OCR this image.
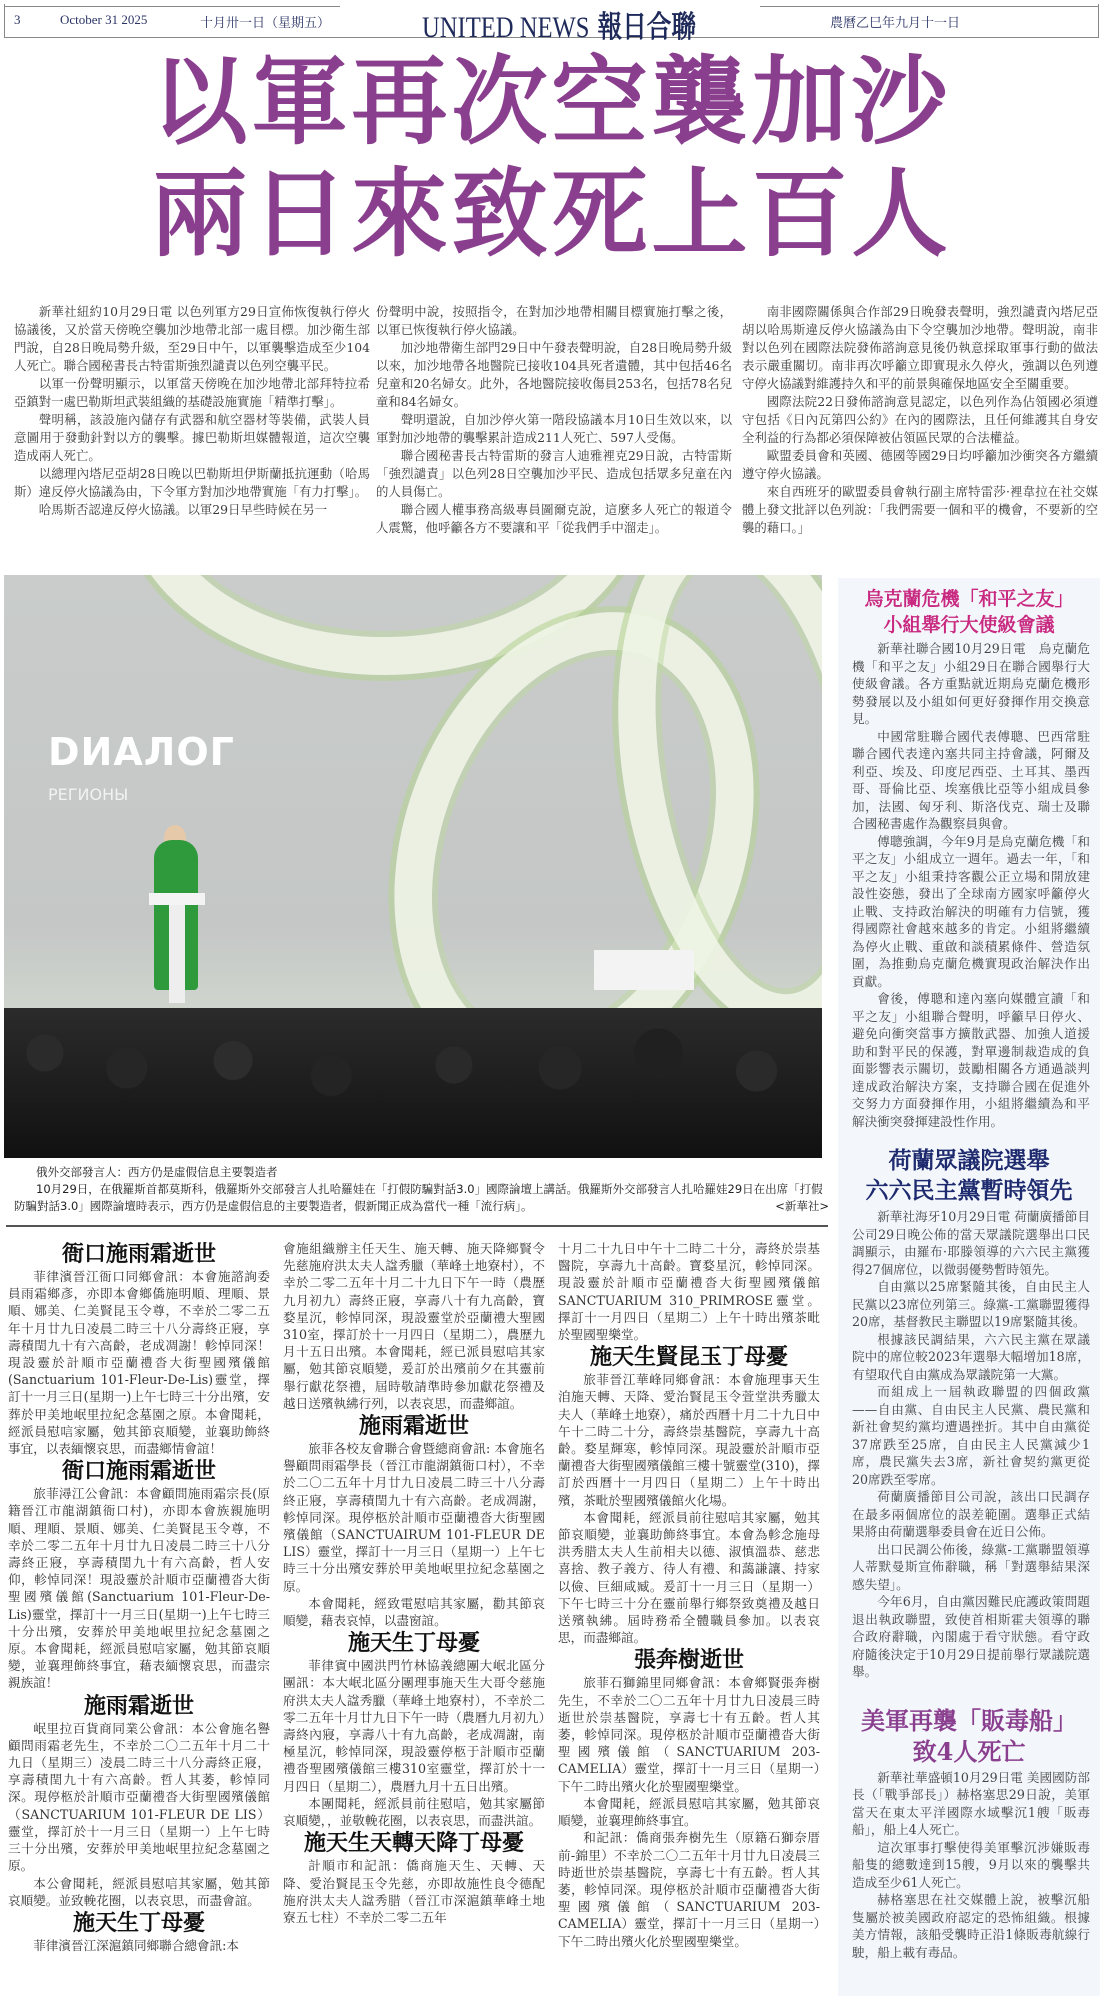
3	October 31 2025	十月卅一日（星期五）	UNITED NEWS 報日合聯	農曆乙巳年九月十一日
以軍再次空襲加沙
兩日來致死上百人

新華社紐約10月29日電 以色列軍方29日宣佈恢復執行停火協議後，又於當天傍晚空襲加沙地帶北部一處目標。加沙衛生部門說，自28日晚局勢升級，至29日中午，以軍襲擊造成至少104人死亡。聯合國秘書長古特雷斯強烈譴責以色列空襲平民。

以軍一份聲明顯示，以軍當天傍晚在加沙地帶北部拜特拉希亞鎮對一處巴勒斯坦武裝組織的基礎設施實施「精準打擊」。

聲明稱，該設施內儲存有武器和航空器材等裝備，武裝人員意圖用于發動針對以方的襲擊。據巴勒斯坦媒體報道，這次空襲造成兩人死亡。

以總理內塔尼亞胡28日晚以巴勒斯坦伊斯蘭抵抗運動（哈馬斯）違反停火協議為由，下令軍方對加沙地帶實施「有力打擊」。

哈馬斯否認違反停火協議。以軍29日早些時候在另一

份聲明中說，按照指令，在對加沙地帶相關目標實施打擊之後，以軍已恢復執行停火協議。

加沙地帶衛生部門29日中午發表聲明說，自28日晚局勢升級以來，加沙地帶各地醫院已接收104具死者遺體，其中包括46名兒童和20名婦女。此外，各地醫院接收傷員253名，包括78名兒童和84名婦女。

聲明還說，自加沙停火第一階段協議本月10日生效以來，以軍對加沙地帶的襲擊累計造成211人死亡、597人受傷。

聯合國秘書長古特雷斯的發言人迪雅裡克29日說，古特雷斯「強烈譴責」以色列28日空襲加沙平民、造成包括眾多兒童在內的人員傷亡。

聯合國人權事務高級專員圖爾克說，這麼多人死亡的報道令人震驚，他呼籲各方不要讓和平「從我們手中溜走」。

南非國際關係與合作部29日晚發表聲明，強烈譴責內塔尼亞胡以哈馬斯違反停火協議為由下令空襲加沙地帶。聲明說，南非對以色列在國際法院發佈諮詢意見後仍執意採取軍事行動的做法表示嚴重關切。南非再次呼籲立即實現永久停火，強調以色列遵守停火協議對維護持久和平的前景與確保地區安全至關重要。

國際法院22日發佈諮詢意見認定，以色列作為佔領國必須遵守包括《日內瓦第四公約》在內的國際法，且任何維護其自身安全利益的行為都必須保障被佔領區民眾的合法權益。

歐盟委員會和英國、德國等國29日均呼籲加沙衝突各方繼續遵守停火協議。

來自西班牙的歐盟委員會執行副主席特雷莎·裡韋拉在社交媒體上發文批評以色列說：「我們需要一個和平的機會，不要新的空襲的藉口。」

DИAЛOГ
РЕГИОНЫ
俄外交部發言人：西方仍是虛假信息主要製造者
10月29日，在俄羅斯首都莫斯科，俄羅斯外交部發言人扎哈羅娃在「打假防騙對話3.0」國際論壇上講話。俄羅斯外交部發言人扎哈羅娃29日在出席「打假防騙對話3.0」國際論壇時表示，西方仍是虛假信息的主要製造者，假新聞正成為當代一種「流行病」。	<新華社>
烏克蘭危機「和平之友」
小組舉行大使級會議

新華社聯合國10月29日電　烏克蘭危機「和平之友」小組29日在聯合國舉行大使級會議。各方重點就近期烏克蘭危機形勢發展以及小組如何更好發揮作用交換意見。

中國常駐聯合國代表傅聰、巴西常駐聯合國代表達內塞共同主持會議，阿爾及利亞、埃及、印度尼西亞、土耳其、墨西哥、哥倫比亞、埃塞俄比亞等小組成員參加，法國、匈牙利、斯洛伐克、瑞士及聯合國秘書處作為觀察員與會。

傅聰強調，今年9月是烏克蘭危機「和平之友」小組成立一週年。過去一年，「和平之友」小組秉持客觀公正立場和開放建設性姿態，發出了全球南方國家呼籲停火止戰、支持政治解決的明確有力信號，獲得國際社會越來越多的肯定。小組將繼續為停火止戰、重啟和談積累條件、營造氛圍，為推動烏克蘭危機實現政治解決作出貢獻。

會後，傅聰和達內塞向媒體宣讀「和平之友」小組聯合聲明，呼籲早日停火、避免向衝突當事方擴散武器、加強人道援助和對平民的保護，對單邊制裁造成的負面影響表示關切，鼓勵相關各方通過談判達成政治解決方案，支持聯合國在促進外交努力方面發揮作用，小組將繼續為和平解決衝突發揮建設性作用。

荷蘭眾議院選舉
六六民主黨暫時領先

新華社海牙10月29日電 荷蘭廣播節目公司29日晚公佈的當天眾議院選舉出口民調顯示，由羅布·耶滕領導的六六民主黨獲得27個席位，以微弱優勢暫時領先。

自由黨以25席緊隨其後，自由民主人民黨以23席位列第三。綠黨-工黨聯盟獲得20席，基督教民主聯盟以19席緊隨其後。

根據該民調結果，六六民主黨在眾議院中的席位較2023年選舉大幅增加18席，有望取代自由黨成為眾議院第一大黨。

而組成上一屆執政聯盟的四個政黨——自由黨、自由民主人民黨、農民黨和新社會契約黨均遭遇挫折。其中自由黨從37席跌至25席，自由民主人民黨減少1席，農民黨失去3席，新社會契約黨更從20席跌至零席。

荷蘭廣播節目公司說，該出口民調存在最多兩個席位的誤差範圍。選舉正式結果將由荷蘭選舉委員會在近日公佈。

出口民調公佈後，綠黨-工黨聯盟領導人蒂默曼斯宣佈辭職，稱「對選舉結果深感失望」。

今年6月，自由黨因難民庇護政策問題退出執政聯盟，致使首相斯霍夫領導的聯合政府辭職，內閣處于看守狀態。看守政府隨後決定于10月29日提前舉行眾議院選舉。

美軍再襲「販毒船」
致4人死亡

新華社華盛頓10月29日電 美國國防部長（「戰爭部長」）赫格塞思29日說，美軍當天在東太平洋國際水域擊沉1艘「販毒船」，船上4人死亡。

這次軍事打擊使得美軍擊沉涉嫌販毒船隻的總數達到15艘，9月以來的襲擊共造成至少61人死亡。

赫格塞思在社交媒體上說，被擊沉船隻屬於被美國政府認定的恐怖組織。根據美方情報，該船受襲時正沿1條販毒航線行駛，船上載有毒品。

衙口施雨霜逝世

菲律濱晉江衙口同鄉會訊：本會施諮詢委員雨霜鄉彥，亦即本會鄉僑施明順、理順、景順、娜美、仁美賢昆玉令尊，不幸於二零二五年十月廿九日凌晨二時三十八分壽終正寢，享壽積閏九十有六高齡，老成凋謝！軫悼同深！現設靈於計順市亞蘭禮沓大街聖國殯儀館(Sanctuarium 101-Fleur-De-Lis)靈堂，擇訂十一月三日(星期一)上午七時三十分出殯，安葬於甲美地岷里拉紀念墓園之原。本會聞耗，經派員慰唁家屬，勉其節哀順變，並襄助飾終事宜，以表緬懷哀思，而盡鄉情會誼！

衙口施雨霜逝世

旅菲潯江公會訊：本會顧問施雨霜宗長(原籍晉江市龍湖鎮衙口村)，亦即本會族親施明順、理順、景順、娜美、仁美賢昆玉令尊，不幸於二零二五年十月廿九日凌晨二時三十八分壽終正寢，享壽積閏九十有六高齡，哲人安仰，軫悼同深！現設靈於計順市亞蘭禮沓大街聖國殯儀館(Sanctuarium 101-Fleur-De-Lis)靈堂，擇訂十一月三日(星期一)上午七時三十分出殯，安葬於甲美地岷里拉紀念墓園之原。本會聞耗，經派員慰唁家屬，勉其節哀順變，並襄理飾終事宜，藉表緬懷哀思，而盡宗親族誼！

施雨霜逝世

岷里拉百貨商同業公會訊：本公會施名譽顧問雨霜老先生，不幸於二〇二五年十月二十九日（星期三）凌晨二時三十八分壽終正寢，享壽積閏九十有六高齡。哲人其萎，軫悼同深。現停柩於計順市亞蘭禮沓大街聖國殯儀館（SANCTUARIUM 101-FLEUR DE LIS）靈堂，擇訂於十一月三日（星期一）上午七時三十分出殯，安葬於甲美地岷里拉紀念墓園之原。

本公會聞耗，經派員慰唁其家屬，勉其節哀順變。並致輓花圈，以表哀思，而盡會誼。

施天生丁母憂

菲律濱晉江深滬鎮同鄉聯合總會訊:本

會施組織辦主任天生、施天轉、施天降鄉賢令先慈施府洪太夫人諡秀臘（華峰土地寮村），不幸於二零二五年十月二十九日下午一時（農歷九月初九）壽終正寢，享壽八十有九高齡，寶婺星沉，軫悼同深，現設靈堂於亞蘭禮大聖國310室，擇訂於十一月四日（星期二），農歷九月十五日出殯。本會聞耗，經已派員慰唁其家屬，勉其節哀順變，爰訂於出殯前夕在其靈前舉行獻花祭禮，屆時敬請準時參加獻花祭禮及越日送殯執紼行列，以表哀思，而盡鄉誼。

施雨霜逝世

旅菲各校友會聯合會暨總商會訊: 本會施名譽顧問雨霜學長（晉江市龍湖鎮衙口村），不幸於二〇二五年十月廿九日凌晨二時三十八分壽終正寢，享壽積閏九十有六高齡。老成凋謝，軫悼同深。現停柩於計順市亞蘭禮沓大街聖國殯儀館（SANCTUAIRUM 101-FLEUR DE LIS）靈堂，擇訂十一月三日（星期一）上午七時三十分出殯安葬於甲美地岷里拉紀念墓園之原。

本會聞耗，經致電慰唁其家屬，勸其節哀順變，藉表哀悼，以盡窗誼。

施天生丁母憂

菲律賓中國洪門竹林協義總團大岷北區分團訊：本大岷北區分團理事施天生大哥令慈施府洪太夫人諡秀臘（華峰土地寮村），不幸於二零二五年十月廿九日下午一時（農曆九月初九）壽終內寢，享壽八十有九高齡，老成凋謝，南極星沉，軫悼同深，現設靈停柩于計順市亞蘭禮沓聖國殯儀館三樓310室靈堂，擇訂於十一月四日（星期二），農曆九月十五日出殯。

本團聞耗，經派員前往慰唁，勉其家屬節哀順變，，並敬輓花圈，以表哀思，而盡洪誼。

施天生天轉天降丁母憂

計順市和記訊：僑商施天生、天轉、天降、愛治賢昆玉令先慈，亦即故施性良令德配施府洪太夫人諡秀腊（晉江市深滬鎮華峰土地寮五七柱）不幸於二零二五年

十月二十九日中午十二時二十分，壽終於崇基醫院，享壽九十高齡。寶婺星沉，軫悼同深。現設靈於計順市亞蘭禮沓大街聖國殯儀館SANCTUARIUM 310_PRIMROSE靈堂。擇訂十一月四日（星期二）上午十時出殯茶毗於聖國聖樂堂。

施天生賢昆玉丁母憂

旅菲晉江華峰同鄉會訊：本會施理事天生洎施天轉、天降、愛治賢昆玉令萱堂洪秀臘太夫人（華峰土地寮），痛於西曆十月二十九日中午十二時二十分，壽終崇基醫院，享壽九十高齡。婺星輝寒，軫悼同深。現設靈於計順市亞蘭禮沓大街聖國殯儀館三樓十號靈堂(310)，擇訂於西曆十一月四日（星期二）上午十時出殯，茶毗於聖國殯儀館火化場。

本會聞耗，經派員前往慰唁其家屬，勉其節哀順變，並襄助飾終事宜。本會為軫念施母洪秀腊太夫人生前相夫以德、淑慎溫恭、慈悲喜捨、教子義方、待人有禮、和藹謙讓、持家以儉、巨細咸臧。爰訂十一月三日（星期一）下午七時三十分在靈前舉行鄉祭致奠禮及越日送殯執紼。屆時務希全體職員參加。以表哀思，而盡鄉誼。

張奔樹逝世

旅菲石獅錦里同鄉會訊：本會鄉賢張奔樹先生，不幸於二〇二五年十月廿九日凌晨三時逝世於崇基醫院，享壽七十有五齡。哲人其萎，軫悼同深。現停柩於計順市亞蘭禮沓大街聖國殯儀館（SANCTUARIUM 203-CAMELIA）靈堂，擇訂十一月三日（星期一）下午二時出殯火化於聖國聖樂堂。

本會聞耗，經派員慰唁其家屬，勉其節哀順變，並襄理飾終事宜。

和記訊：僑商張奔樹先生（原籍石獅奈厝前-錦里）不幸於二〇二五年十月廿九日凌晨三時逝世於崇基醫院，享壽七十有五齡。哲人其萎，軫悼同深。現停柩於計順市亞蘭禮沓大街聖國殯儀館（SANCTUARIUM 203-CAMELIA）靈堂，擇訂十一月三日（星期一）下午二時出殯火化於聖國聖樂堂。
